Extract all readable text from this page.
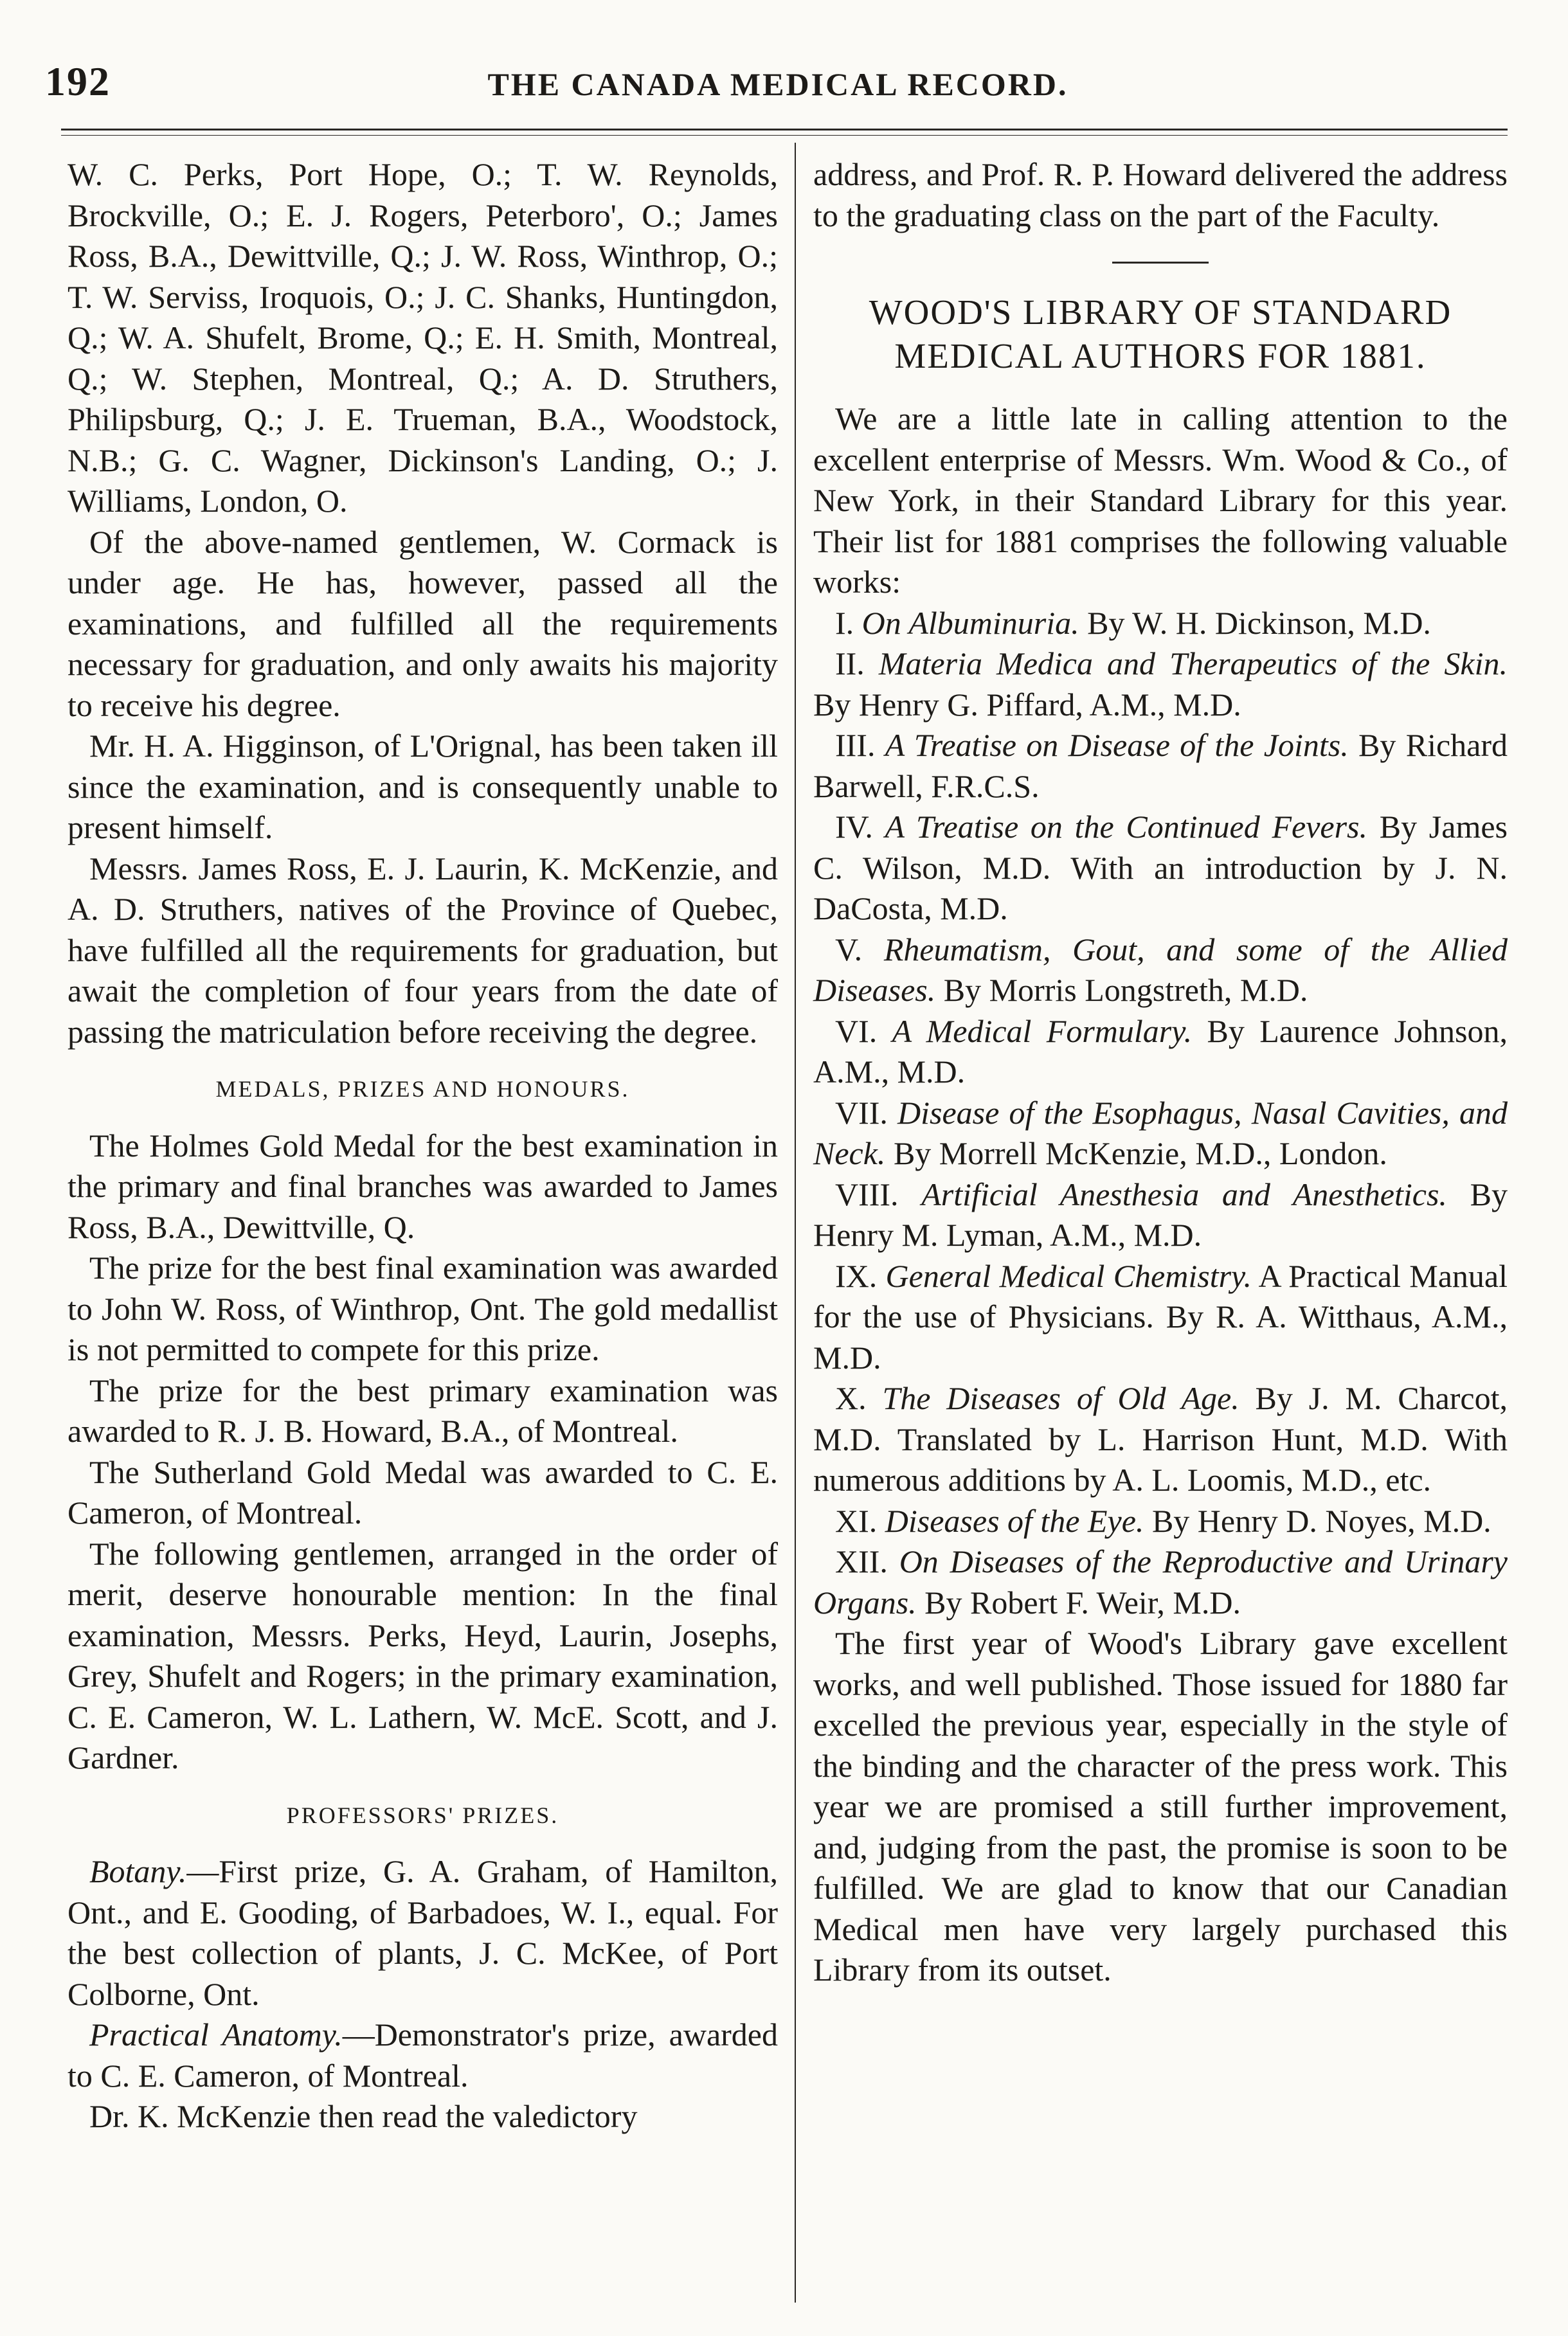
192	THE CANADA MEDICAL RECORD.

W. C. Perks, Port Hope, O.; T. W. Reynolds, Brockville, O.; E. J. Rogers, Peterboro', O.; James Ross, B.A., Dewittville, Q.; J. W. Ross, Winthrop, O.; T. W. Serviss, Iroquois, O.; J. C. Shanks, Huntingdon, Q.; W. A. Shufelt, Brome, Q.; E. H. Smith, Montreal, Q.; W. Stephen, Montreal, Q.; A. D. Struthers, Philipsburg, Q.; J. E. Trueman, B.A., Woodstock, N.B.; G. C. Wagner, Dickinson's Landing, O.; J. Williams, London, O.

Of the above-named gentlemen, W. Cormack is under age. He has, however, passed all the examinations, and fulfilled all the requirements necessary for graduation, and only awaits his majority to receive his degree.

Mr. H. A. Higginson, of L'Orignal, has been taken ill since the examination, and is consequently unable to present himself.

Messrs. James Ross, E. J. Laurin, K. McKenzie, and A. D. Struthers, natives of the Province of Quebec, have fulfilled all the requirements for graduation, but await the completion of four years from the date of passing the matriculation before receiving the degree.

MEDALS, PRIZES AND HONOURS.

The Holmes Gold Medal for the best examination in the primary and final branches was awarded to James Ross, B.A., Dewittville, Q.

The prize for the best final examination was awarded to John W. Ross, of Winthrop, Ont. The gold medallist is not permitted to compete for this prize.

The prize for the best primary examination was awarded to R. J. B. Howard, B.A., of Montreal.

The Sutherland Gold Medal was awarded to C. E. Cameron, of Montreal.

The following gentlemen, arranged in the order of merit, deserve honourable mention: In the final examination, Messrs. Perks, Heyd, Laurin, Josephs, Grey, Shufelt and Rogers; in the primary examination, C. E. Cameron, W. L. Lathern, W. McE. Scott, and J. Gardner.

PROFESSORS' PRIZES.

Botany.—First prize, G. A. Graham, of Hamilton, Ont., and E. Gooding, of Barbadoes, W. I., equal. For the best collection of plants, J. C. McKee, of Port Colborne, Ont.

Practical Anatomy.—Demonstrator's prize, awarded to C. E. Cameron, of Montreal.

Dr. K. McKenzie then read the valedictory

address, and Prof. R. P. Howard delivered the address to the graduating class on the part of the Faculty.

WOOD'S LIBRARY OF STANDARD MEDICAL AUTHORS FOR 1881.

We are a little late in calling attention to the excellent enterprise of Messrs. Wm. Wood & Co., of New York, in their Standard Library for this year. Their list for 1881 comprises the following valuable works:

I. On Albuminuria. By W. H. Dickinson, M.D.

II. Materia Medica and Therapeutics of the Skin. By Henry G. Piffard, A.M., M.D.

III. A Treatise on Disease of the Joints. By Richard Barwell, F.R.C.S.

IV. A Treatise on the Continued Fevers. By James C. Wilson, M.D. With an introduction by J. N. DaCosta, M.D.

V. Rheumatism, Gout, and some of the Allied Diseases. By Morris Longstreth, M.D.

VI. A Medical Formulary. By Laurence Johnson, A.M., M.D.

VII. Disease of the Esophagus, Nasal Cavities, and Neck. By Morrell McKenzie, M.D., London.

VIII. Artificial Anesthesia and Anesthetics. By Henry M. Lyman, A.M., M.D.

IX. General Medical Chemistry. A Practical Manual for the use of Physicians. By R. A. Witthaus, A.M., M.D.

X. The Diseases of Old Age. By J. M. Charcot, M.D. Translated by L. Harrison Hunt, M.D. With numerous additions by A. L. Loomis, M.D., etc.

XI. Diseases of the Eye. By Henry D. Noyes, M.D.

XII. On Diseases of the Reproductive and Urinary Organs. By Robert F. Weir, M.D.

The first year of Wood's Library gave excellent works, and well published. Those issued for 1880 far excelled the previous year, especially in the style of the binding and the character of the press work. This year we are promised a still further improvement, and, judging from the past, the promise is soon to be fulfilled. We are glad to know that our Canadian Medical men have very largely purchased this Library from its outset.
